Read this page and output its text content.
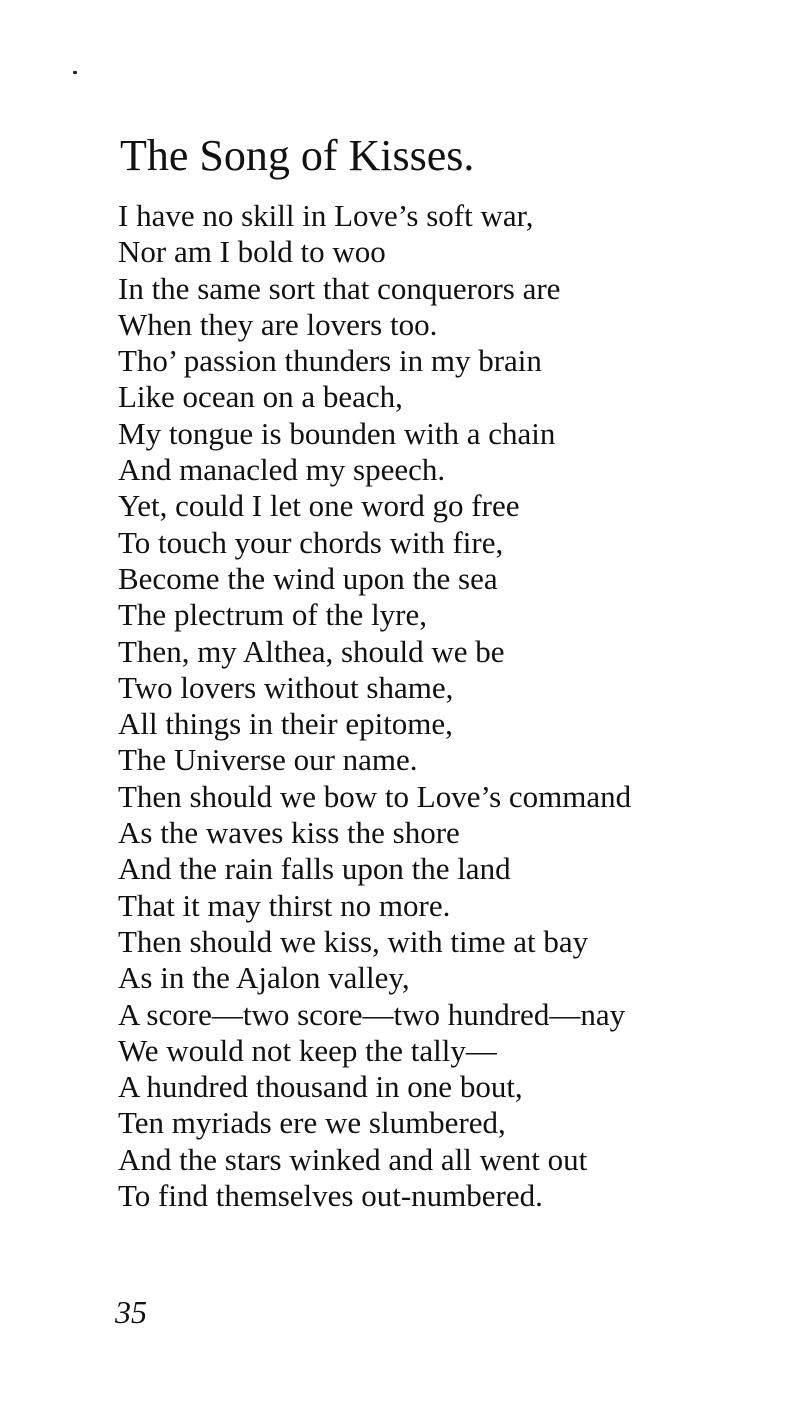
The Song of Kisses.
I have no skill in Love’s soft war,
Nor am I bold to woo
In the same sort that conquerors are
When they are lovers too.
Tho’ passion thunders in my brain
Like ocean on a beach,
My tongue is bounden with a chain
And manacled my speech.
Yet, could I let one word go free
To touch your chords with fire,
Become the wind upon the sea
The plectrum of the lyre,
Then, my Althea, should we be
Two lovers without shame,
All things in their epitome,
The Universe our name.
Then should we bow to Love’s command
As the waves kiss the shore
And the rain falls upon the land
That it may thirst no more.
Then should we kiss, with time at bay
As in the Ajalon valley,
A score—two score—two hundred—nay
We would not keep the tally—
A hundred thousand in one bout,
Ten myriads ere we slumbered,
And the stars winked and all went out
To find themselves out-numbered.
35
